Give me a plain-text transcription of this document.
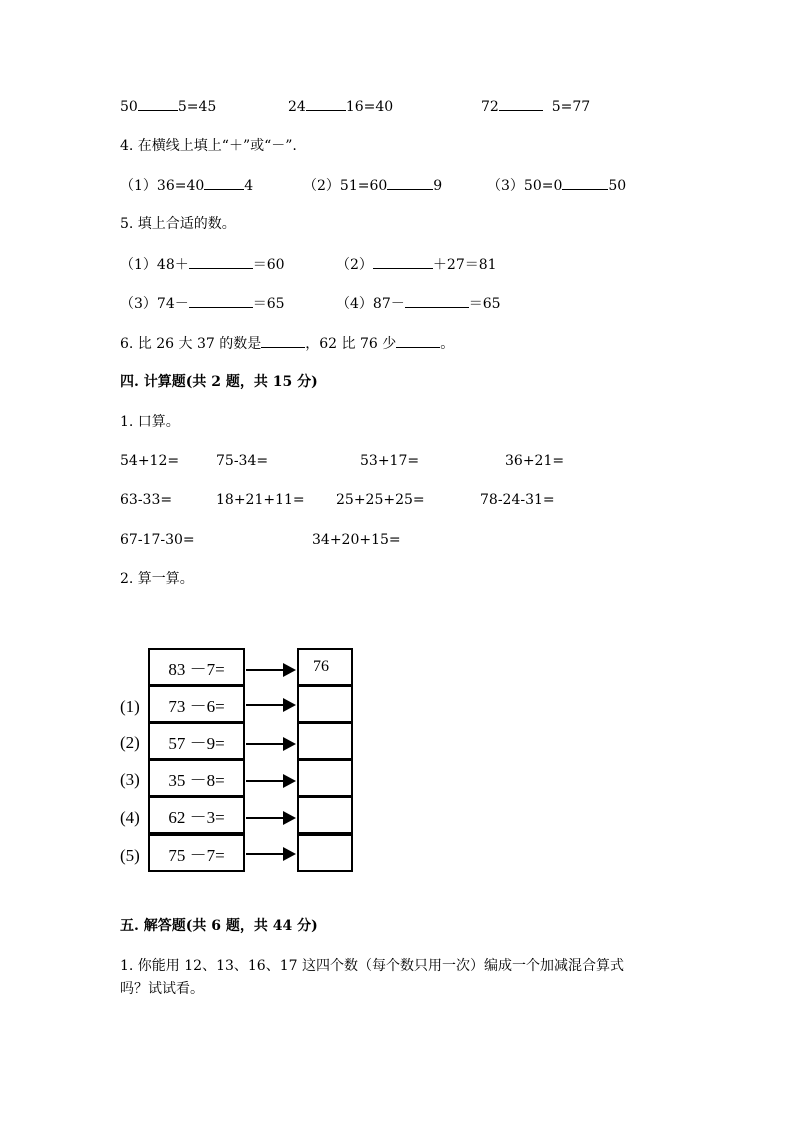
50	5=45	24	16=40	72	5=77
4. 在横线上填上“＋”或“－”.
（1）36=40	4	（2）51=60	9	（3）50=0	50
5. 填上合适的数。
（1）48＋	＝60	（2）	＋27＝81
（3）74－	＝65	（4）87－	＝65
6. 比 26 大 37 的数是	，62 比 76 少	。
四. 计算题(共 2 题，共 15 分)
1. 口算。
54+12=	75-34=	53+17=	36+21=
63-33=	18+21+11= 25+25+25=	78-24-31=
67-17-30=	34+20+15=
2. 算一算。
83 －7=	76
(1)	73 －6=
(2)	57 －9=
(3)	35 －8=
(4)	62 －3=
(5)	75 －7=
五. 解答题(共 6 题，共 44 分)
1. 你能用 12、13、16、17 这四个数（每个数只用一次）编成一个加减混合算式
吗？试试看。
